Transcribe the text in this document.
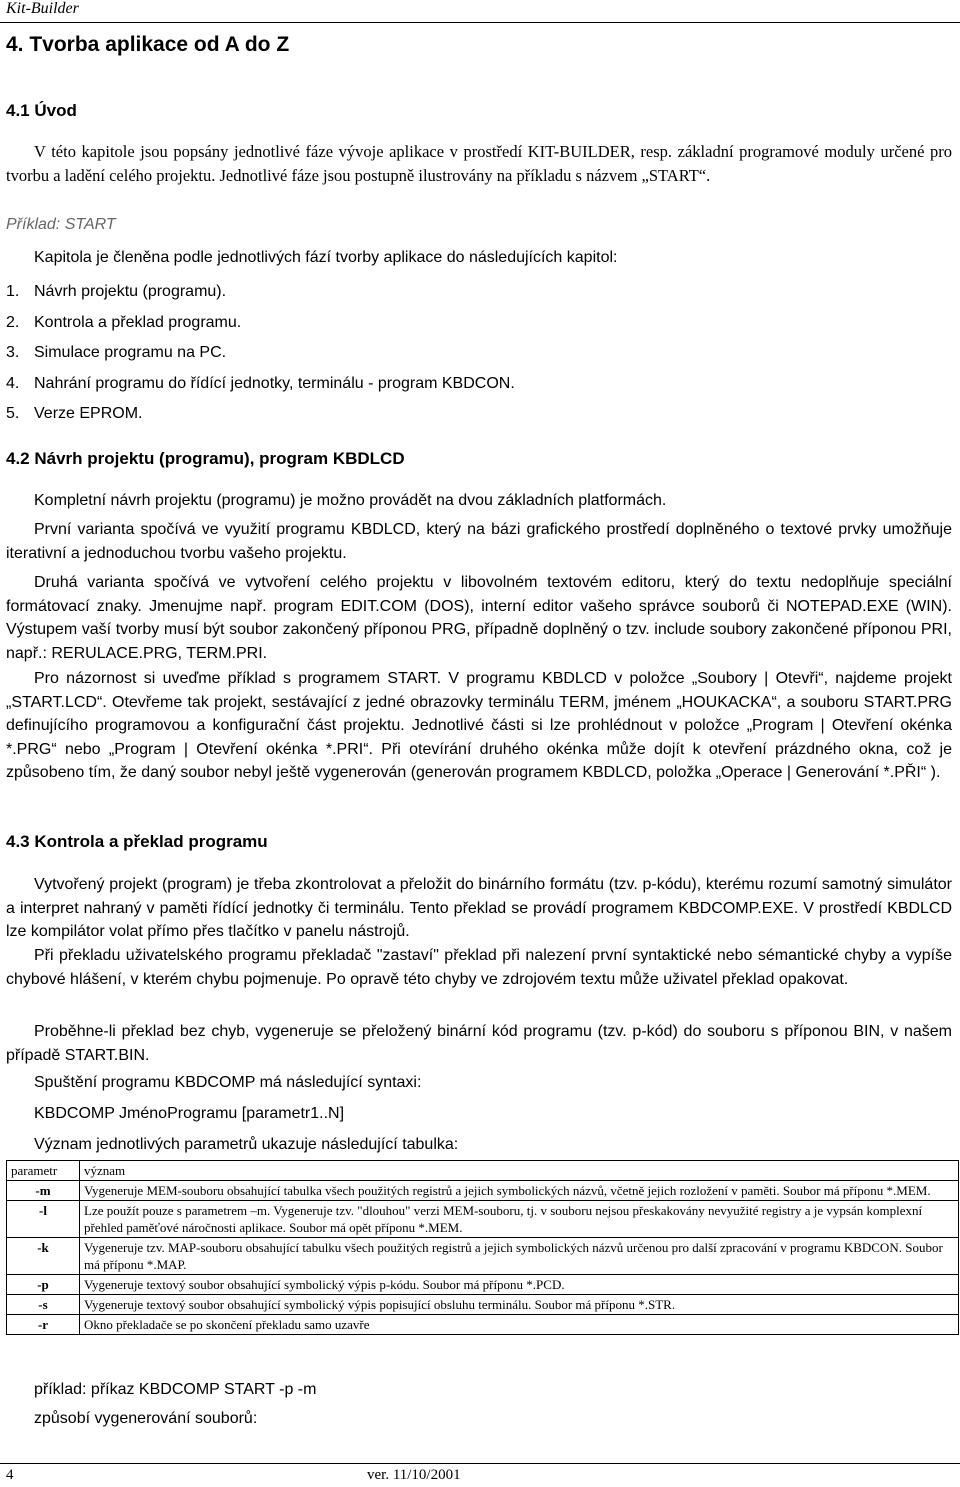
Kit-Builder
4. Tvorba aplikace od A do Z
4.1 Úvod

V této kapitole jsou popsány jednotlivé fáze vývoje aplikace v prostředí KIT-BUILDER, resp. základní programové moduly určené pro tvorbu a ladění celého projektu. Jednotlivé fáze jsou postupně ilustrovány na příkladu s názvem „START“.

Příklad: START
Kapitola je členěna podle jednotlivých fází tvorby aplikace do následujících kapitol:
1. Návrh projektu (programu).
2. Kontrola a překlad programu.
3. Simulace programu na PC.
4. Nahrání programu do řídící jednotky, terminálu - program KBDCON.
5. Verze EPROM.
4.2 Návrh projektu (programu), program KBDLCD

Kompletní návrh projektu (programu) je možno provádět na dvou základních platformách.

První varianta spočívá ve využití programu KBDLCD, který na bázi grafického prostředí doplněného o textové prvky umožňuje iterativní a jednoduchou tvorbu vašeho projektu.

Druhá varianta spočívá ve vytvoření celého projektu v libovolném textovém editoru, který do textu nedoplňuje speciální formátovací znaky. Jmenujme např. program EDIT.COM (DOS), interní editor vašeho správce souborů či NOTEPAD.EXE (WIN). Výstupem vaší tvorby musí být soubor zakončený příponou PRG, případně doplněný o tzv. include soubory zakončené příponou PRI, např.: RERULACE.PRG, TERM.PRI.

Pro názornost si uveďme příklad s programem START. V programu KBDLCD v položce „Soubory | Otevři“, najdeme projekt „START.LCD“. Otevřeme tak projekt, sestávající z jedné obrazovky terminálu TERM, jménem „HOUKACKA“, a souboru START.PRG definujícího programovou a konfigurační část projektu. Jednotlivé části si lze prohlédnout v položce „Program | Otevření okénka *.PRG“ nebo „Program | Otevření okénka *.PRI“. Při otevírání druhého okénka může dojít k otevření prázdného okna, což je způsobeno tím, že daný soubor nebyl ještě vygenerován (generován programem KBDLCD, položka „Operace | Generování *.PŘI“ ).

4.3 Kontrola a překlad programu

Vytvořený projekt (program) je třeba zkontrolovat a přeložit do binárního formátu (tzv. p-kódu), kterému rozumí samotný simulátor a interpret nahraný v paměti řídící jednotky či terminálu. Tento překlad se provádí programem KBDCOMP.EXE. V prostředí KBDLCD lze kompilátor volat přímo přes tlačítko v panelu nástrojů.

Při překladu uživatelského programu překladač "zastaví" překlad při nalezení první syntaktické nebo sémantické chyby a vypíše chybové hlášení, v kterém chybu pojmenuje. Po opravě této chyby ve zdrojovém textu může uživatel překlad opakovat.

Proběhne-li překlad bez chyb, vygeneruje se přeložený binární kód programu (tzv. p-kód) do souboru s příponou BIN, v našem případě START.BIN.

Spuštění programu KBDCOMP má následující syntaxi:
KBDCOMP JménoProgramu [parametr1..N]
Význam jednotlivých parametrů ukazuje následující tabulka:
parametr	význam
-m	Vygeneruje MEM-souboru obsahující tabulka všech použitých registrů a jejich symbolických názvů, včetně jejich rozložení v paměti. Soubor má příponu *.MEM.
-l	Lze použít pouze s parametrem –m. Vygeneruje tzv. "dlouhou" verzi MEM-souboru, tj. v souboru nejsou přeskakovány nevyužité registry a je vypsán komplexní přehled paměťové náročnosti aplikace. Soubor má opět příponu *.MEM.
-k	Vygeneruje tzv. MAP-souboru obsahující tabulku všech použitých registrů a jejich symbolických názvů určenou pro další zpracování v programu KBDCON. Soubor má příponu *.MAP.
-p	Vygeneruje textový soubor obsahující symbolický výpis p-kódu. Soubor má příponu *.PCD.
-s	Vygeneruje textový soubor obsahující symbolický výpis popisující obsluhu terminálu. Soubor má příponu *.STR.
-r	Okno překladače se po skončení překladu samo uzavře
příklad: příkaz KBDCOMP START -p -m
způsobí vygenerování souborů:
4	ver. 11/10/2001
